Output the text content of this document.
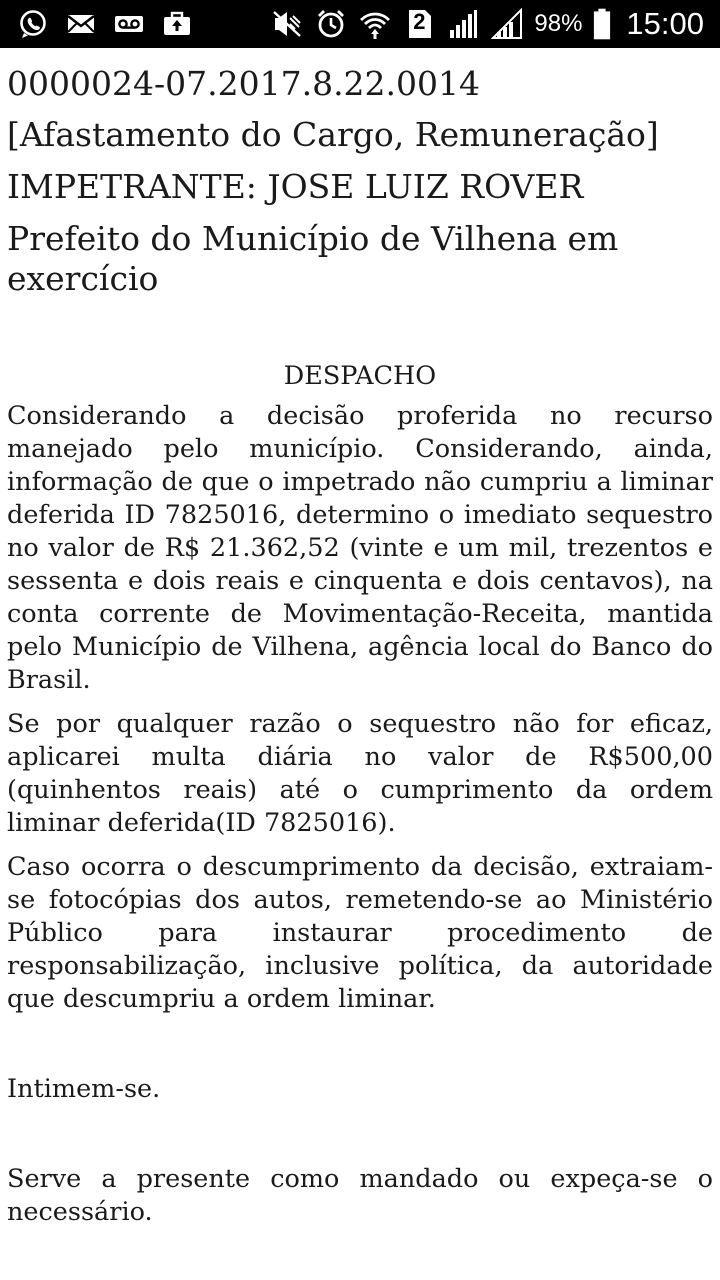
2	98% 15:00

0000024-07.2017.8.22.0014

[Afastamento do Cargo, Remuneração]

IMPETRANTE: JOSE LUIZ ROVER

Prefeito do Município de Vilhena em exercício

DESPACHO

Considerando a decisão proferida no recurso manejado pelo município. Considerando, ainda, informação de que o impetrado não cumpriu a liminar deferida ID 7825016, determino o imediato sequestro no valor de R$ 21.362,52 (vinte e um mil, trezentos e sessenta e dois reais e cinquenta e dois centavos), na conta corrente de Movimentação-Receita, mantida pelo Município de Vilhena, agência local do Banco do Brasil.

Se por qualquer razão o sequestro não for eficaz, aplicarei multa diária no valor de R$500,00 (quinhentos reais) até o cumprimento da ordem liminar deferida(ID 7825016).

Caso ocorra o descumprimento da decisão, extraiam-se fotocópias dos autos, remetendo-se ao Ministério Público para instaurar procedimento de responsabilização, inclusive política, da autoridade que descumpriu a ordem liminar.

Intimem-se.

Serve a presente como mandado ou expeça-se o necessário.
